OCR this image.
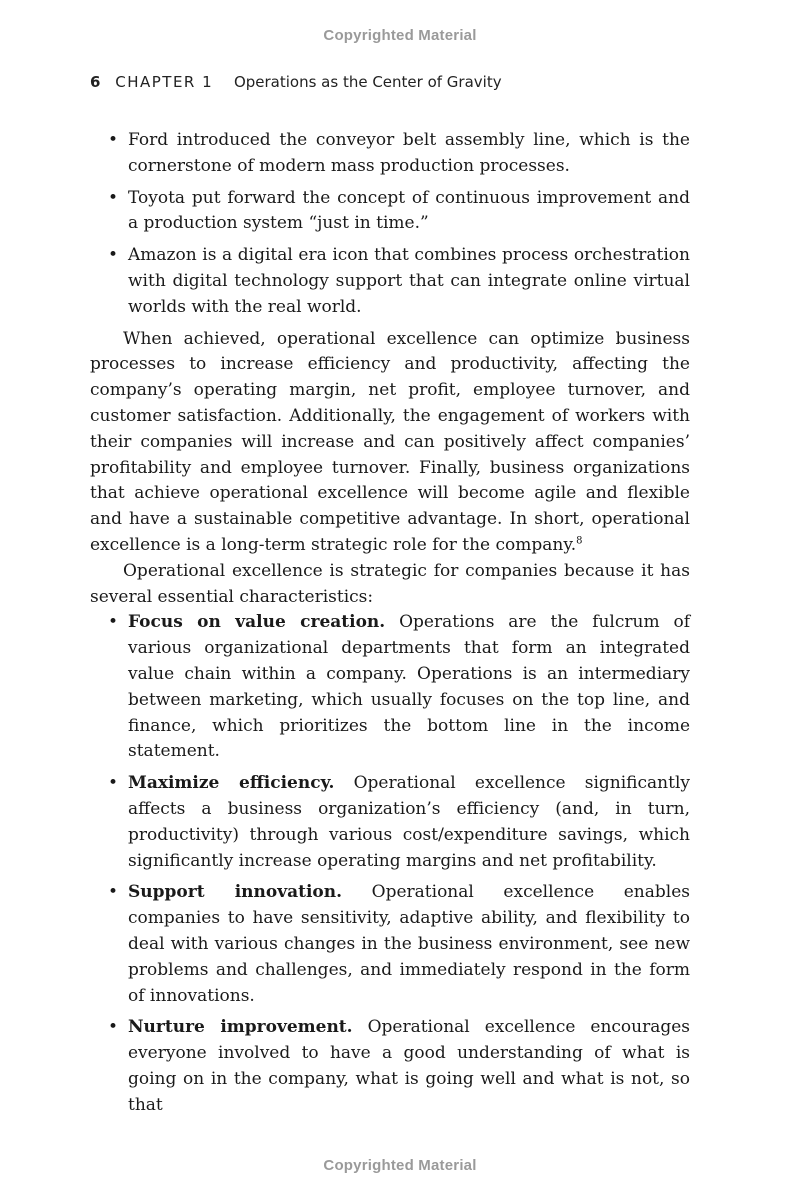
Copyrighted Material
6 CHAPTER 1 Operations as the Center of Gravity
• Ford introduced the conveyor belt assembly line, which is the cornerstone of modern mass production processes.
• Toyota put forward the concept of continuous improvement and a production system “just in time.”
• Amazon is a digital era icon that combines process orchestration with digital technology support that can integrate online virtual worlds with the real world.

When achieved, operational excellence can optimize business processes to increase efficiency and productivity, affecting the company’s operating margin, net profit, employee turnover, and customer satisfaction. Additionally, the engagement of workers with their companies will increase and can positively affect companies’ profitability and employee turnover. Finally, business organizations that achieve operational excellence will become agile and flexible and have a sustainable competitive advantage. In short, operational excellence is a long-term strategic role for the company.$^8$

Operational excellence is strategic for companies because it has several essential characteristics:

• Focus on value creation. Operations are the fulcrum of various organizational departments that form an integrated value chain within a company. Operations is an intermediary between marketing, which usually focuses on the top line, and finance, which prioritizes the bottom line in the income statement.
• Maximize efficiency. Operational excellence significantly affects a business organization’s efficiency (and, in turn, productivity) through various cost/expenditure savings, which significantly increase operating margins and net profitability.
• Support innovation. Operational excellence enables companies to have sensitivity, adaptive ability, and flexibility to deal with various changes in the business environment, see new problems and challenges, and immediately respond in the form of innovations.
• Nurture improvement. Operational excellence encourages everyone involved to have a good understanding of what is going on in the company, what is going well and what is not, so that
Copyrighted Material
